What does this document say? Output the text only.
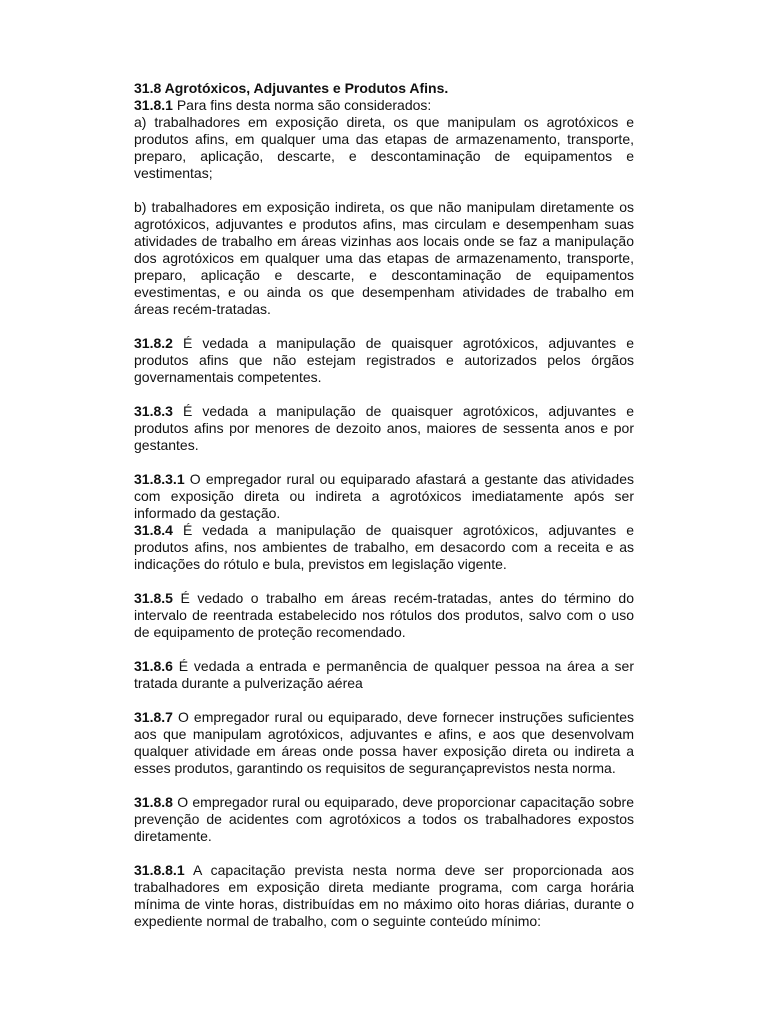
31.8 Agrotóxicos, Adjuvantes e Produtos Afins.

31.8.1 Para fins desta norma são considerados:

a) trabalhadores em exposição direta, os que manipulam os agrotóxicos e produtos afins, em qualquer uma das etapas de armazenamento, transporte, preparo, aplicação, descarte, e descontaminação de equipamentos e vestimentas;

b) trabalhadores em exposição indireta, os que não manipulam diretamente os agrotóxicos, adjuvantes e produtos afins, mas circulam e desempenham suas atividades de trabalho em áreas vizinhas aos locais onde se faz a manipulação dos agrotóxicos em qualquer uma das etapas de armazenamento, transporte, preparo, aplicação e descarte, e descontaminação de equipamentos evestimentas, e ou ainda os que desempenham atividades de trabalho em áreas recém-tratadas.

31.8.2 É vedada a manipulação de quaisquer agrotóxicos, adjuvantes e produtos afins que não estejam registrados e autorizados pelos órgãos governamentais competentes.

31.8.3 É vedada a manipulação de quaisquer agrotóxicos, adjuvantes e produtos afins por menores de dezoito anos, maiores de sessenta anos e por gestantes.

31.8.3.1 O empregador rural ou equiparado afastará a gestante das atividades com exposição direta ou indireta a agrotóxicos imediatamente após ser informado da gestação.

31.8.4 É vedada a manipulação de quaisquer agrotóxicos, adjuvantes e produtos afins, nos ambientes de trabalho, em desacordo com a receita e as indicações do rótulo e bula, previstos em legislação vigente.

31.8.5 É vedado o trabalho em áreas recém-tratadas, antes do término do intervalo de reentrada estabelecido nos rótulos dos produtos, salvo com o uso de equipamento de proteção recomendado.

31.8.6 É vedada a entrada e permanência de qualquer pessoa na área a ser tratada durante a pulverização aérea

31.8.7 O empregador rural ou equiparado, deve fornecer instruções suficientes aos que manipulam agrotóxicos, adjuvantes e afins, e aos que desenvolvam qualquer atividade em áreas onde possa haver exposição direta ou indireta a esses produtos, garantindo os requisitos de segurançaprevistos nesta norma.

31.8.8 O empregador rural ou equiparado, deve proporcionar capacitação sobre prevenção de acidentes com agrotóxicos a todos os trabalhadores expostos diretamente.

31.8.8.1 A capacitação prevista nesta norma deve ser proporcionada aos trabalhadores em exposição direta mediante programa, com carga horária mínima de vinte horas, distribuídas em no máximo oito horas diárias, durante o expediente normal de trabalho, com o seguinte conteúdo mínimo:
